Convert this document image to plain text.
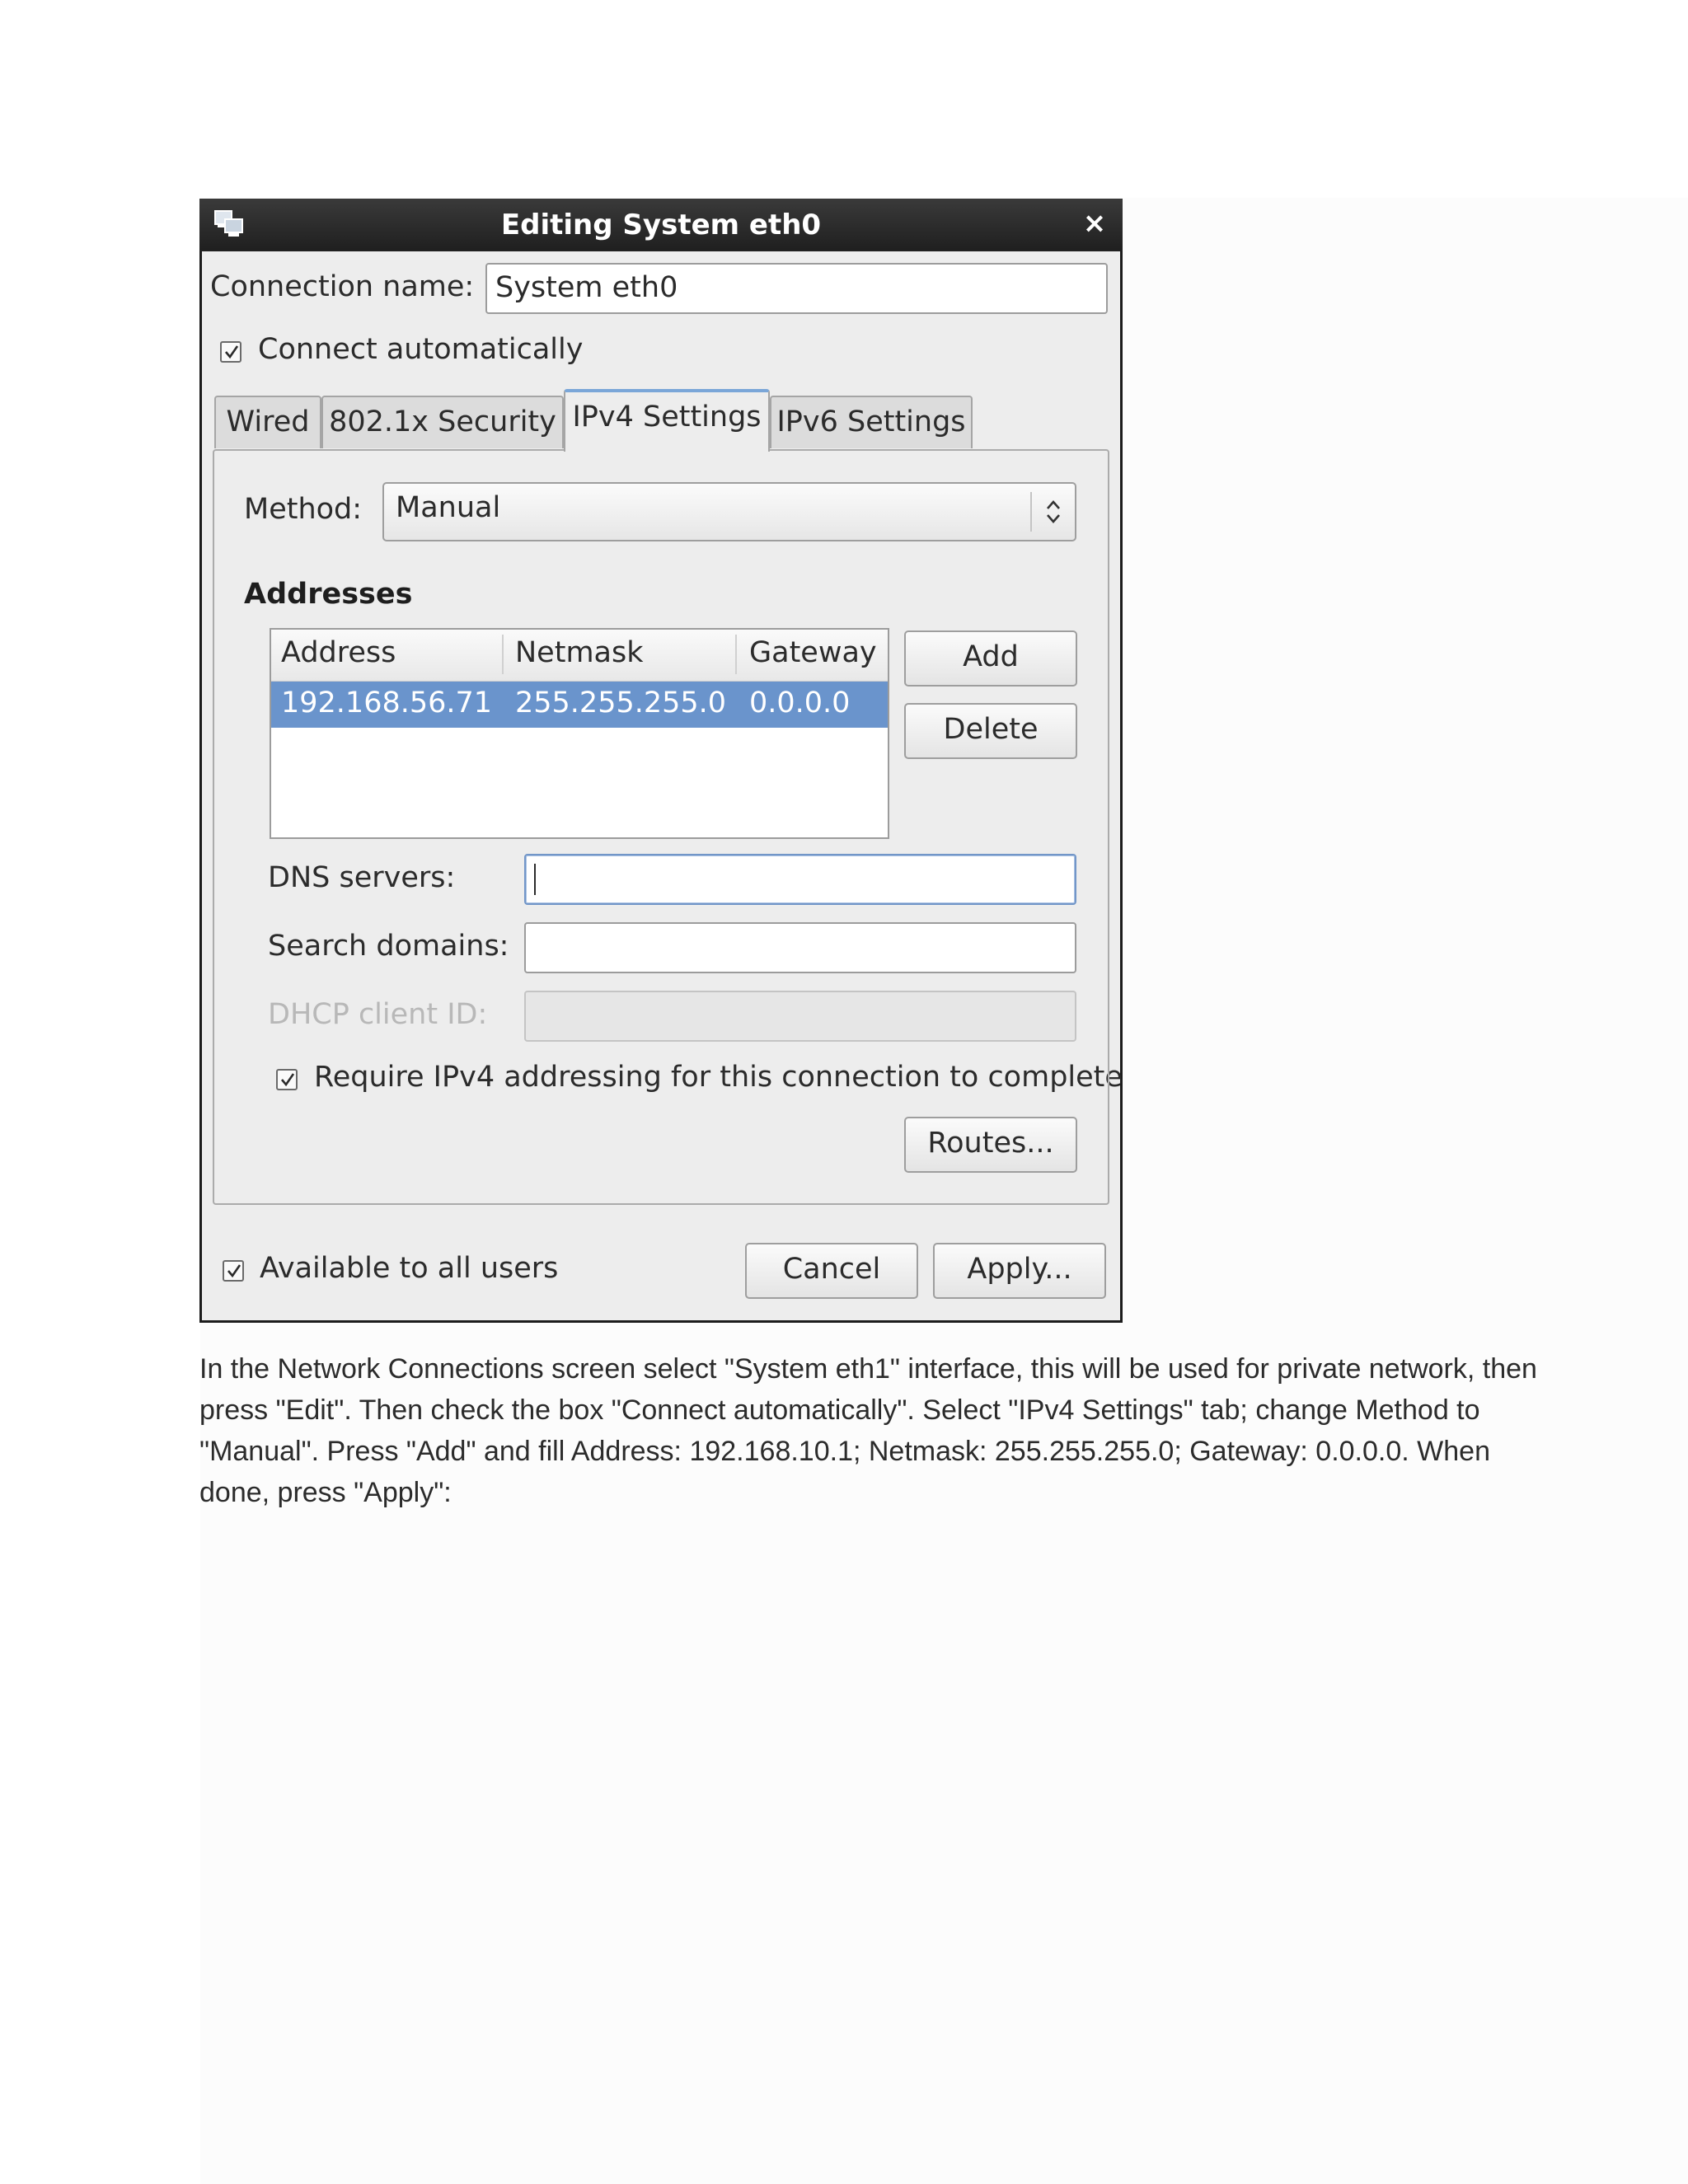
Editing System eth0	×
Connection name: System eth0
Connect automatically
Wired 802.1x Security IPv4 Settings IPv6 Settings
Method: Manual
Addresses
Address	Netmask	Gateway
192.168.56.71 255.255.255.0 0.0.0.0
Add
Delete
DNS servers:
Search domains:
DHCP client ID:
Require IPv4 addressing for this connection to complete
Routes...
Available to all users	Cancel	Apply...
In the Network Connections screen select "System eth1" interface, this will be used for private network, then press "Edit". Then check the box "Connect automatically". Select "IPv4 Settings" tab; change Method to "Manual". Press "Add" and fill Address: 192.168.10.1; Netmask: 255.255.255.0; Gateway: 0.0.0.0. When done, press "Apply":
